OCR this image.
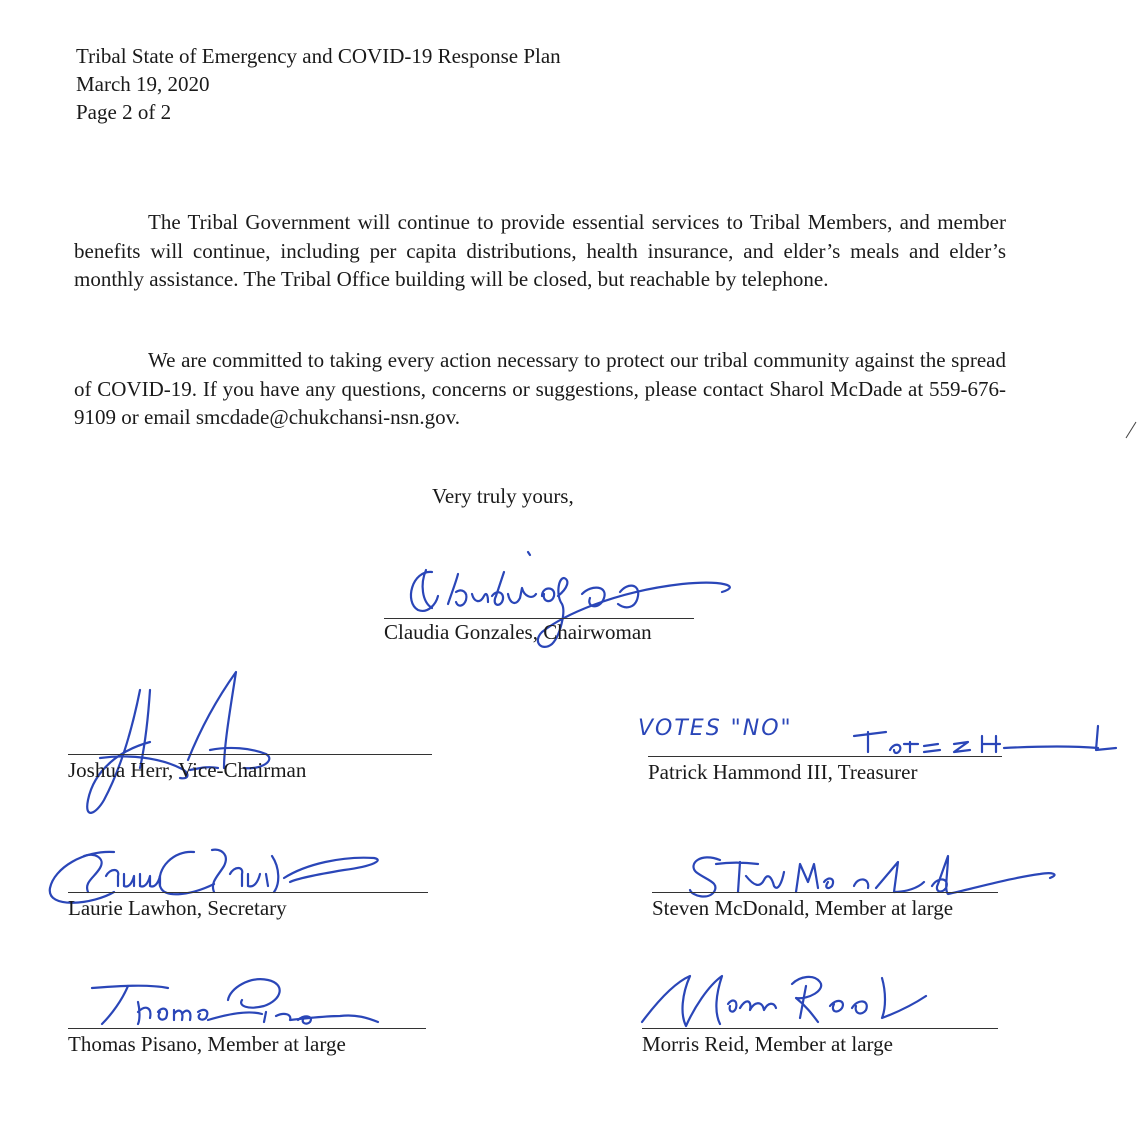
Tribal State of Emergency and COVID-19 Response Plan
March 19, 2020
Page 2 of 2

The Tribal Government will continue to provide essential services to Tribal Members, and member benefits will continue, including per capita distributions, health insurance, and elder’s meals and elder’s monthly assistance. The Tribal Office building will be closed, but reachable by telephone.

We are committed to taking every action necessary to protect our tribal community against the spread of COVID-19. If you have any questions, concerns or suggestions, please contact Sharol McDade at 559-676-9109 or email smcdade@chukchansi-nsn.gov.

Very truly yours,
Claudia Gonzales, Chairwoman
Joshua Herr, Vice-Chairman
VOTES "NO"
Patrick Hammond III, Treasurer
Laurie Lawhon, Secretary	Steven McDonald, Member at large
Thomas Pisano, Member at large	Morris Reid, Member at large
